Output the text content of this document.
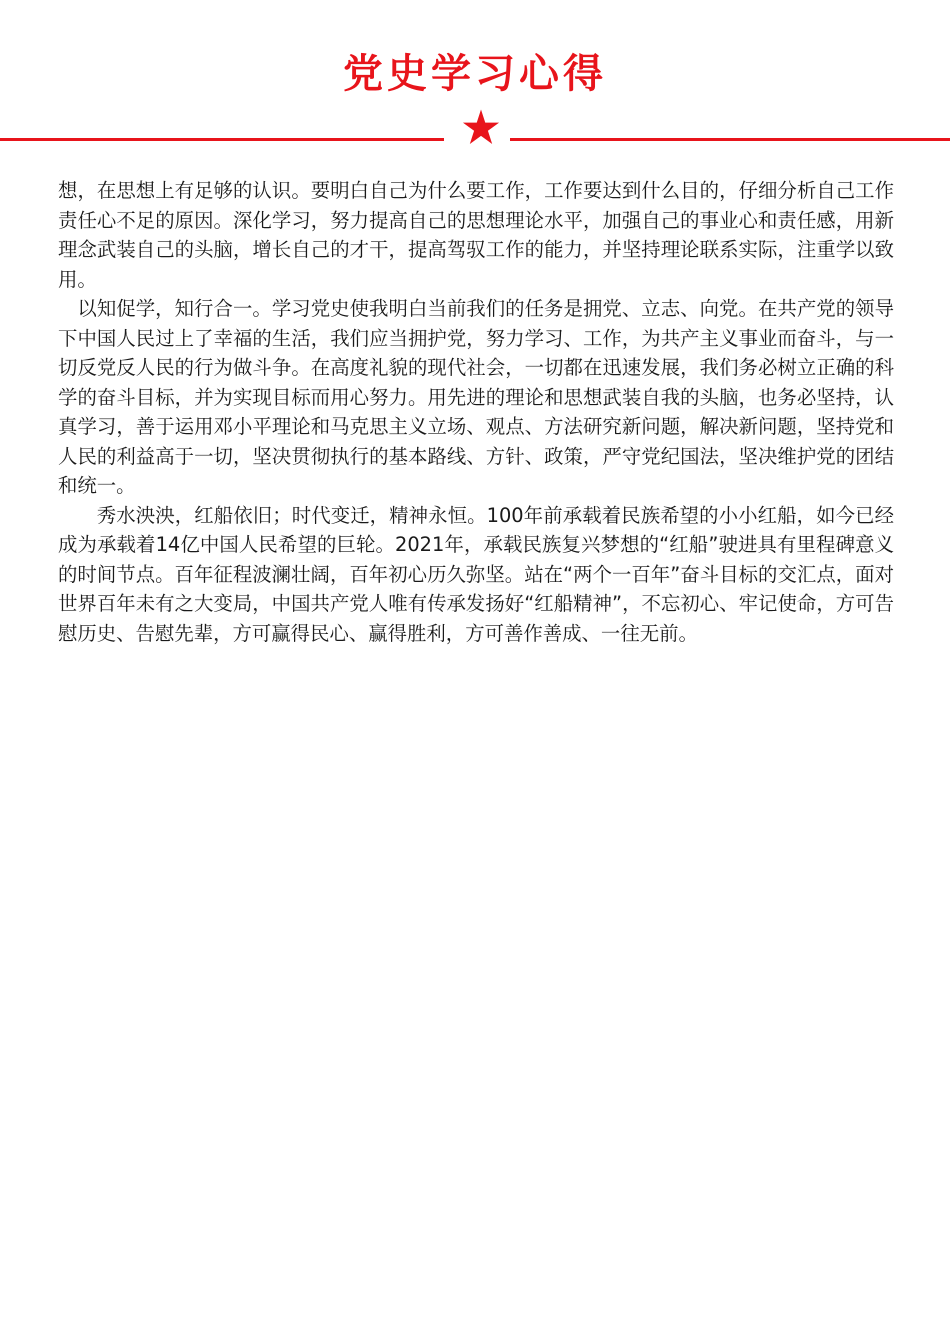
党史学习心得

想，在思想上有足够的认识。要明白自己为什么要工作，工作要达到什么目的，仔细分析自己工作责任心不足的原因。深化学习，努力提高自己的思想理论水平，加强自己的事业心和责任感，用新理念武装自己的头脑，增长自己的才干，提高驾驭工作的能力，并坚持理论联系实际，注重学以致用。

以知促学，知行合一。学习党史使我明白当前我们的任务是拥党、立志、向党。在共产党的领导下中国人民过上了幸福的生活，我们应当拥护党，努力学习、工作，为共产主义事业而奋斗，与一切反党反人民的行为做斗争。在高度礼貌的现代社会，一切都在迅速发展，我们务必树立正确的科学的奋斗目标，并为实现目标而用心努力。用先进的理论和思想武装自我的头脑，也务必坚持，认真学习，善于运用邓小平理论和马克思主义立场、观点、方法研究新问题，解决新问题，坚持党和人民的利益高于一切，坚决贯彻执行的基本路线、方针、政策，严守党纪国法，坚决维护党的团结和统一。

秀水泱泱，红船依旧；时代变迁，精神永恒。100年前承载着民族希望的小小红船，如今已经成为承载着14亿中国人民希望的巨轮。2021年，承载民族复兴梦想的“红船”驶进具有里程碑意义的时间节点。百年征程波澜壮阔，百年初心历久弥坚。站在“两个一百年”奋斗目标的交汇点，面对世界百年未有之大变局，中国共产党人唯有传承发扬好“红船精神”，不忘初心、牢记使命，方可告慰历史、告慰先辈，方可赢得民心、赢得胜利，方可善作善成、一往无前。
